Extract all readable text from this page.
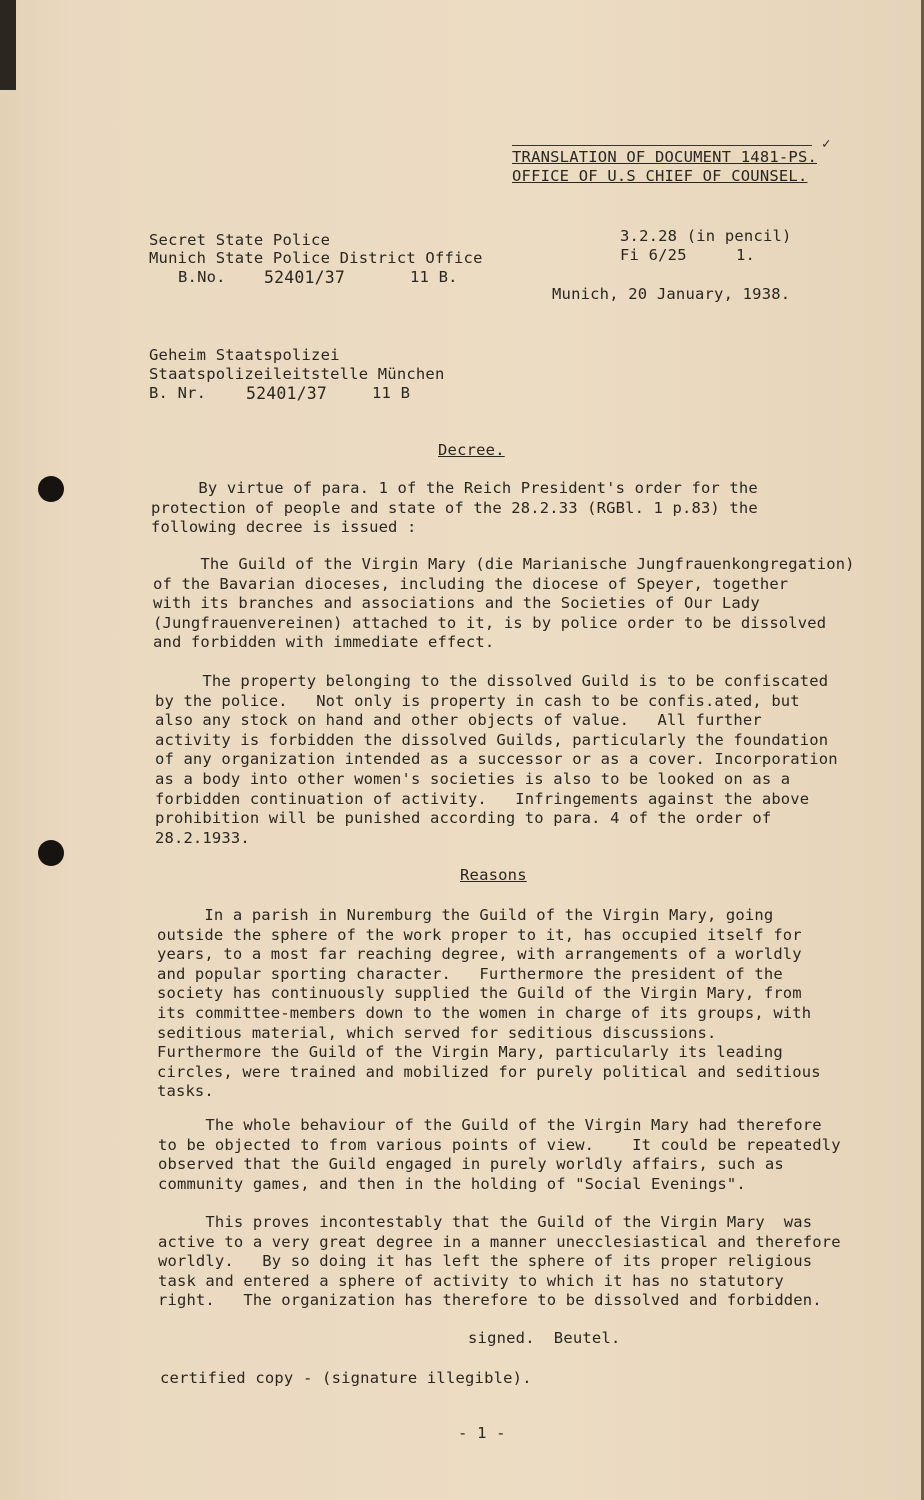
TRANSLATION OF DOCUMENT 1481-PS.
OFFICE OF U.S CHIEF OF COUNSEL.
✓
Secret State Police
Munich State Police District Office
B.No. 52401/37	11 B.
3.2.28 (in pencil)
Fi 6/25	1.
Munich, 20 January, 1938.
Geheim Staatspolizei
Staatspolizeileitstelle München
B. Nr. 52401/37	11 B
Decree.

By virtue of para. 1 of the Reich President's order for the

protection of people and state of the 28.2.33 (RGBl. 1 p.83) the

following decree is issued :

The Guild of the Virgin Mary (die Marianische Jungfrauenkongregation)

of the Bavarian dioceses, including the diocese of Speyer, together

with its branches and associations and the Societies of Our Lady

(Jungfrauenvereinen) attached to it, is by police order to be dissolved

and forbidden with immediate effect.

The property belonging to the dissolved Guild is to be confiscated

by the police.   Not only is property in cash to be confis.ated, but

also any stock on hand and other objects of value.   All further

activity is forbidden the dissolved Guilds, particularly the foundation

of any organization intended as a successor or as a cover. Incorporation

as a body into other women's societies is also to be looked on as a

forbidden continuation of activity.   Infringements against the above

prohibition will be punished according to para. 4 of the order of

28.2.1933.

Reasons

In a parish in Nuremburg the Guild of the Virgin Mary, going

outside the sphere of the work proper to it, has occupied itself for

years, to a most far reaching degree, with arrangements of a worldly

and popular sporting character.   Furthermore the president of the

society has continuously supplied the Guild of the Virgin Mary, from

its committee-members down to the women in charge of its groups, with

seditious material, which served for seditious discussions.

Furthermore the Guild of the Virgin Mary, particularly its leading

circles, were trained and mobilized for purely political and seditious

tasks.

The whole behaviour of the Guild of the Virgin Mary had therefore

to be objected to from various points of view.    It could be repeatedly

observed that the Guild engaged in purely worldly affairs, such as

community games, and then in the holding of "Social Evenings".

This proves incontestably that the Guild of the Virgin Mary  was

active to a very great degree in a manner unecclesiastical and therefore

worldly.   By so doing it has left the sphere of its proper religious

task and entered a sphere of activity to which it has no statutory

right.   The organization has therefore to be dissolved and forbidden.

signed.  Beutel.
certified copy - (signature illegible).
- 1 -
